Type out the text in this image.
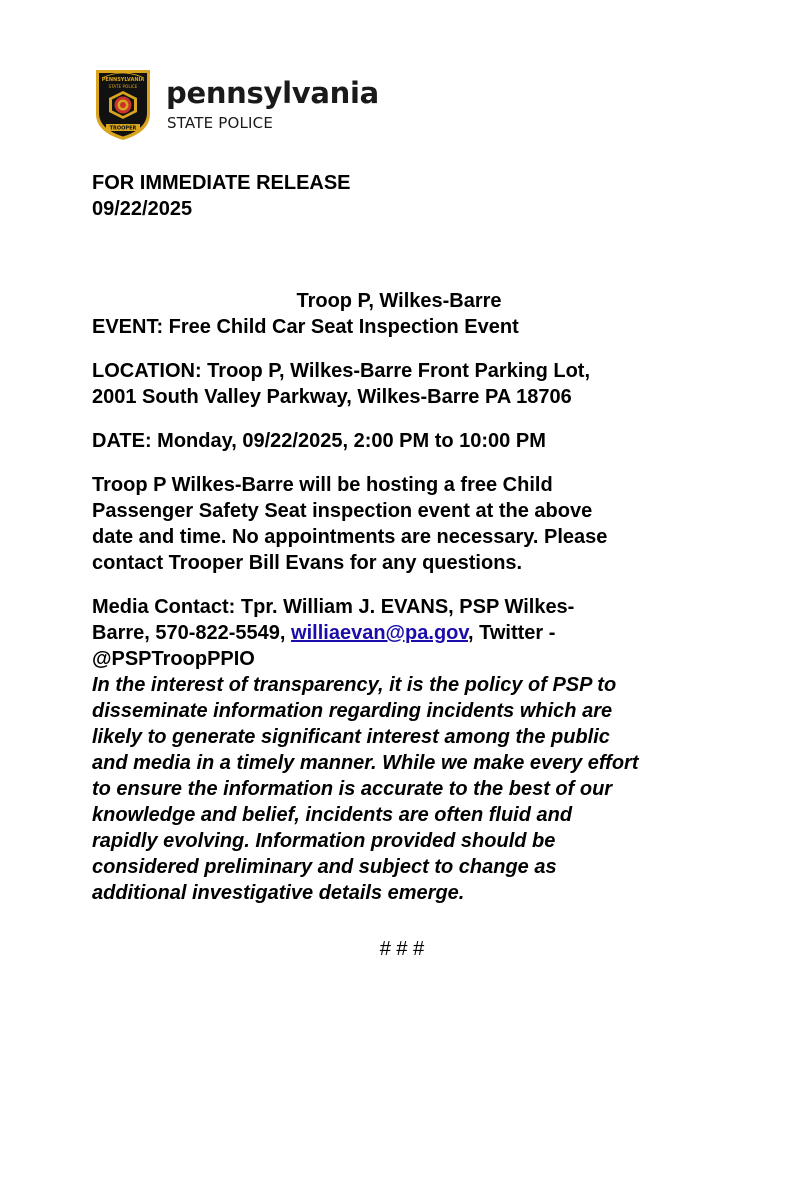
PENNSYLVANIA
STATE POLICE
TROOPER
pennsylvania
STATE POLICE

FOR IMMEDIATE RELEASE

09/22/2025

Troop P, Wilkes-Barre

EVENT: Free Child Car Seat Inspection Event

LOCATION: Troop P, Wilkes-Barre Front Parking Lot,

2001 South Valley Parkway, Wilkes-Barre PA 18706

DATE: Monday, 09/22/2025, 2:00 PM to 10:00 PM

Troop P Wilkes-Barre will be hosting a free Child

Passenger Safety Seat inspection event at the above

date and time. No appointments are necessary. Please

contact Trooper Bill Evans for any questions.

Media Contact: Tpr. William J. EVANS, PSP Wilkes-

Barre, 570-822-5549, williaevan@pa.gov, Twitter -

@PSPTroopPPIO

In the interest of transparency, it is the policy of PSP to

disseminate information regarding incidents which are

likely to generate significant interest among the public

and media in a timely manner. While we make every effort

to ensure the information is accurate to the best of our

knowledge and belief, incidents are often fluid and

rapidly evolving. Information provided should be

considered preliminary and subject to change as

additional investigative details emerge.

# # #
